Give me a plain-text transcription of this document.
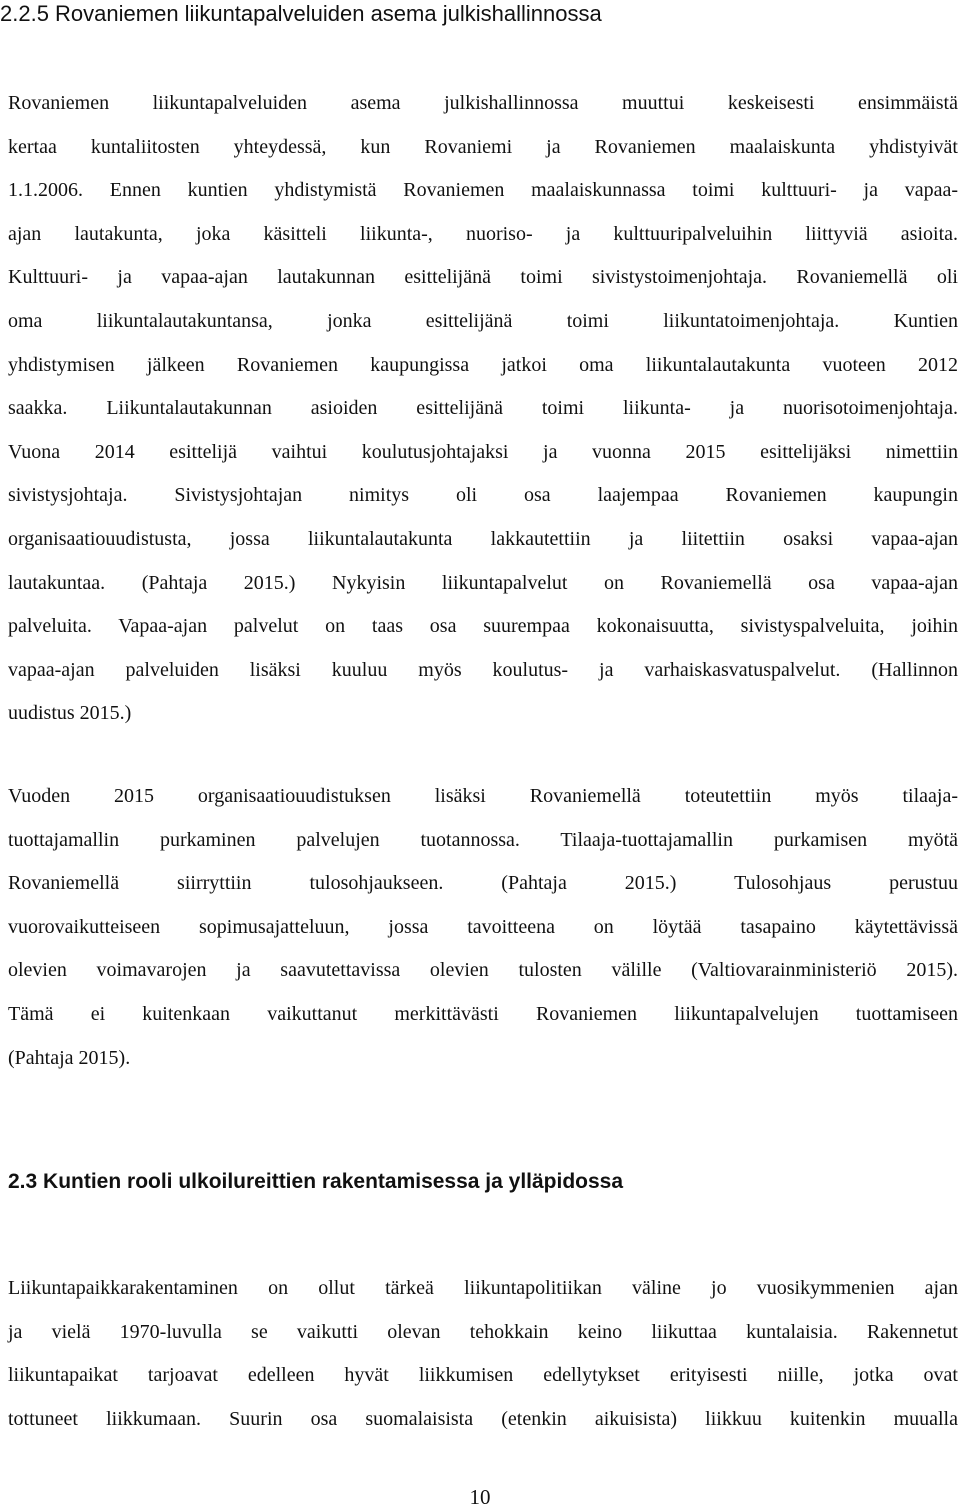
2.2.5 Rovaniemen liikuntapalveluiden asema julkishallinnossa
Rovaniemen liikuntapalveluiden asema julkishallinnossa muuttui keskeisesti ensimmäistä
kertaa kuntaliitosten yhteydessä, kun Rovaniemi ja Rovaniemen maalaiskunta yhdistyivät
1.1.2006. Ennen kuntien yhdistymistä Rovaniemen maalaiskunnassa toimi kulttuuri- ja vapaa-
ajan lautakunta, joka käsitteli liikunta-, nuoriso- ja kulttuuripalveluihin liittyviä asioita.
Kulttuuri- ja vapaa-ajan lautakunnan esittelijänä toimi sivistystoimenjohtaja. Rovaniemellä oli
oma liikuntalautakuntansa, jonka esittelijänä toimi liikuntatoimenjohtaja. Kuntien
yhdistymisen jälkeen Rovaniemen kaupungissa jatkoi oma liikuntalautakunta vuoteen 2012
saakka. Liikuntalautakunnan asioiden esittelijänä toimi liikunta- ja nuorisotoimenjohtaja.
Vuona 2014 esittelijä vaihtui koulutusjohtajaksi ja vuonna 2015 esittelijäksi nimettiin
sivistysjohtaja. Sivistysjohtajan nimitys oli osa laajempaa Rovaniemen kaupungin
organisaatiouudistusta, jossa liikuntalautakunta lakkautettiin ja liitettiin osaksi vapaa-ajan
lautakuntaa. (Pahtaja 2015.) Nykyisin liikuntapalvelut on Rovaniemellä osa vapaa-ajan
palveluita. Vapaa-ajan palvelut on taas osa suurempaa kokonaisuutta, sivistyspalveluita, joihin
vapaa-ajan palveluiden lisäksi kuuluu myös koulutus- ja varhaiskasvatuspalvelut. (Hallinnon
uudistus 2015.)
Vuoden 2015 organisaatiouudistuksen lisäksi Rovaniemellä toteutettiin myös tilaaja-
tuottajamallin purkaminen palvelujen tuotannossa. Tilaaja-tuottajamallin purkamisen myötä
Rovaniemellä siirryttiin tulosohjaukseen. (Pahtaja 2015.) Tulosohjaus perustuu
vuorovaikutteiseen sopimusajatteluun, jossa tavoitteena on löytää tasapaino käytettävissä
olevien voimavarojen ja saavutettavissa olevien tulosten välille (Valtiovarainministeriö 2015).
Tämä ei kuitenkaan vaikuttanut merkittävästi Rovaniemen liikuntapalvelujen tuottamiseen
(Pahtaja 2015).
2.3 Kuntien rooli ulkoilureittien rakentamisessa ja ylläpidossa
Liikuntapaikkarakentaminen on ollut tärkeä liikuntapolitiikan väline jo vuosikymmenien ajan
ja vielä 1970-luvulla se vaikutti olevan tehokkain keino liikuttaa kuntalaisia. Rakennetut
liikuntapaikat tarjoavat edelleen hyvät liikkumisen edellytykset erityisesti niille, jotka ovat
tottuneet liikkumaan. Suurin osa suomalaisista (etenkin aikuisista) liikkuu kuitenkin muualla
10
